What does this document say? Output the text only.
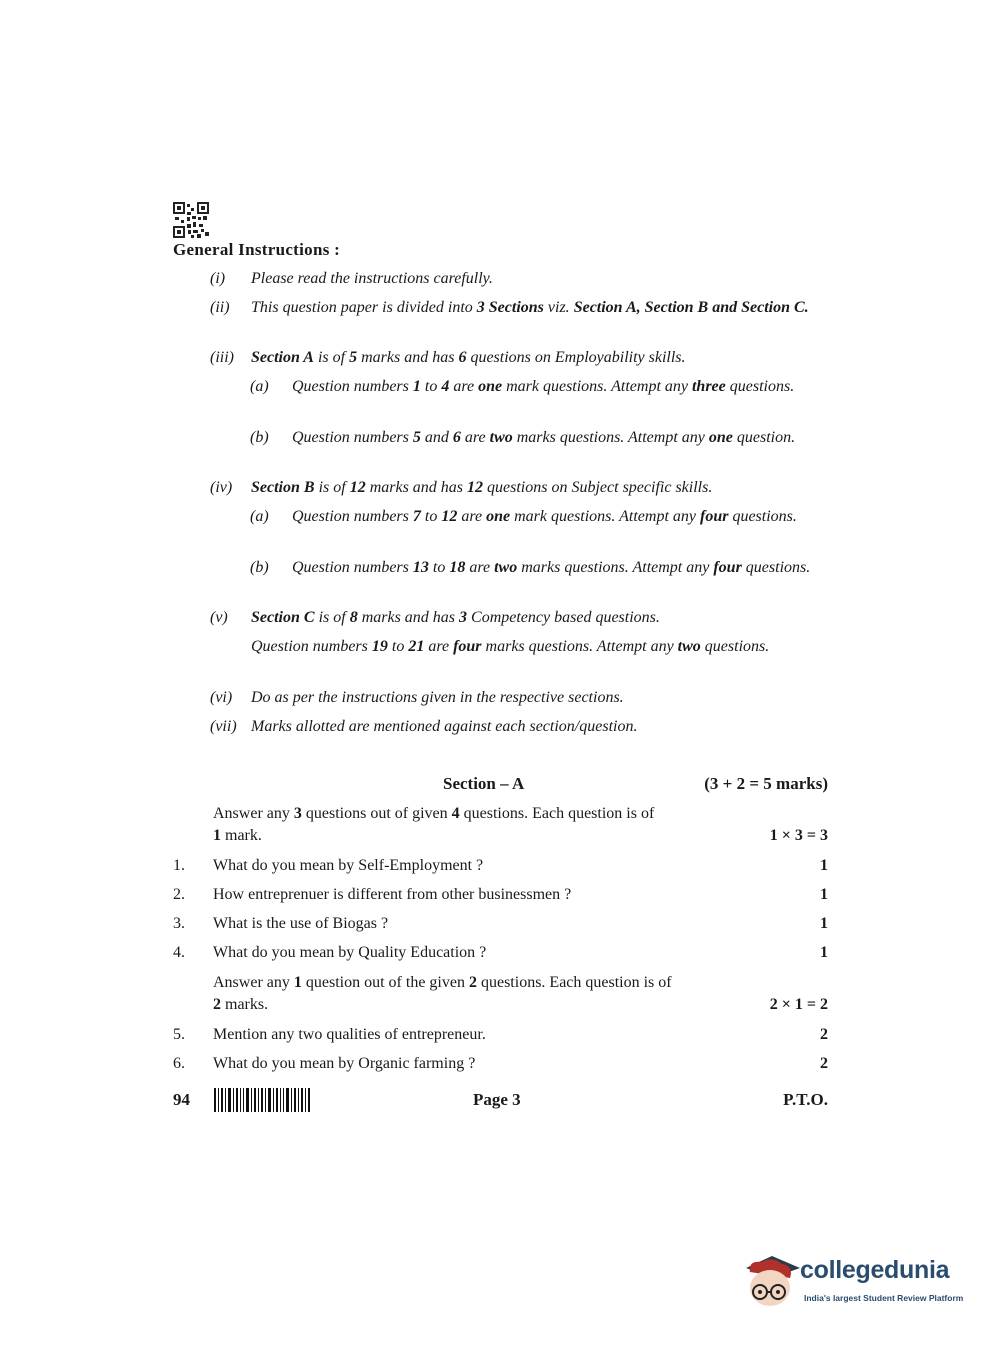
General Instructions :
(i)	Please read the instructions carefully.
(ii)	This question paper is divided into 3 Sections viz. Section A, Section B and Section C.
(iii)	Section A is of 5 marks and has 6 questions on Employability skills.
(a)	Question numbers 1 to 4 are one mark questions. Attempt any three questions.
(b)	Question numbers 5 and 6 are two marks questions. Attempt any one question.
(iv)	Section B is of 12 marks and has 12 questions on Subject specific skills.
(a)	Question numbers 7 to 12 are one mark questions. Attempt any four questions.
(b)	Question numbers 13 to 18 are two marks questions. Attempt any four questions.
(v)	Section C is of 8 marks and has 3 Competency based questions.
Question numbers 19 to 21 are four marks questions. Attempt any two questions.
(vi)	Do as per the instructions given in the respective sections.
(vii) Marks allotted are mentioned against each section/question.
Section – A	(3 + 2 = 5 marks)
Answer any 3 questions out of given 4 questions. Each question is of
1 mark.	1 × 3 = 3
1. What do you mean by Self-Employment ?	1
2. How entreprenuer is different from other businessmen ?	1
3. What is the use of Biogas ?	1
4. What do you mean by Quality Education ?	1
Answer any 1 question out of the given 2 questions. Each question is of
2 marks.	2 × 1 = 2
5. Mention any two qualities of entrepreneur.	2
6. What do you mean by Organic farming ?	2
94	Page 3	P.T.O.
collegedunia
India's largest Student Review Platform
